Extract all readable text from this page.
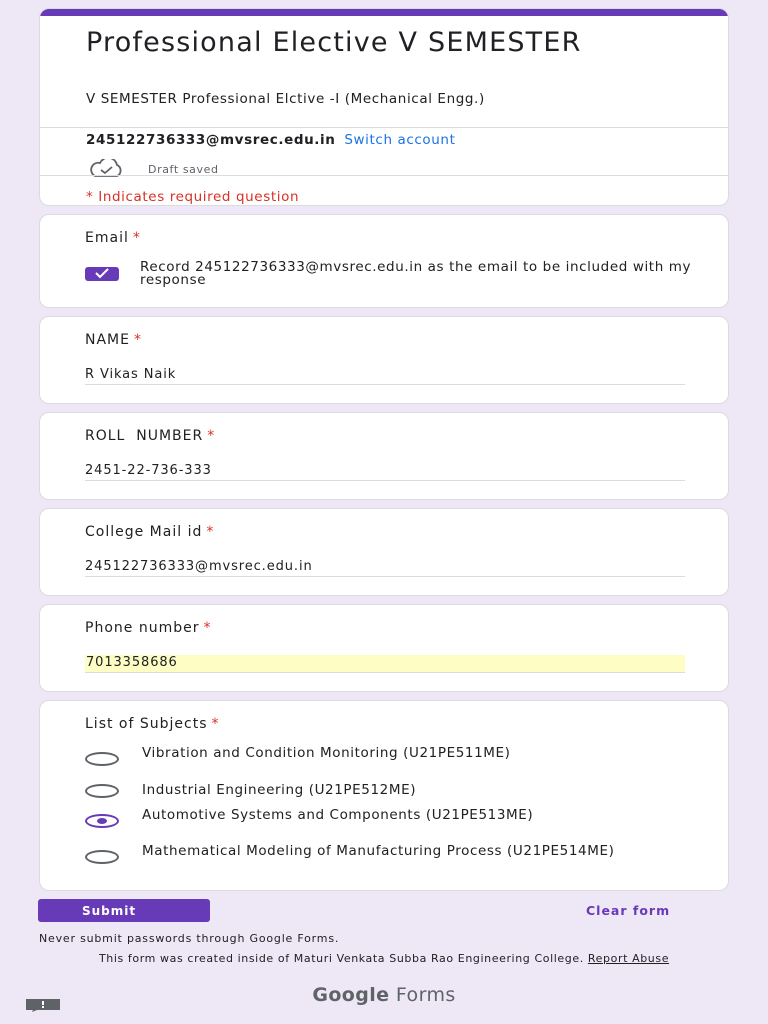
Professional Elective V SEMESTER
V SEMESTER Professional Elctive -I (Mechanical Engg.)
245122736333@mvsrec.edu.in Switch account
Draft saved
* Indicates required question
Email *
Record 245122736333@mvsrec.edu.in as the email to be included with my response
NAME *
R Vikas Naik
ROLL  NUMBER *
2451-22-736-333
College Mail id *
245122736333@mvsrec.edu.in
Phone number *
7013358686
List of Subjects *
Vibration and Condition Monitoring (U21PE511ME)
Industrial Engineering (U21PE512ME)
Automotive Systems and Components (U21PE513ME)
Mathematical Modeling of Manufacturing Process (U21PE514ME)
Submit	Clear form
Never submit passwords through Google Forms.
This form was created inside of Maturi Venkata Subba Rao Engineering College. Report Abuse
Google Forms
